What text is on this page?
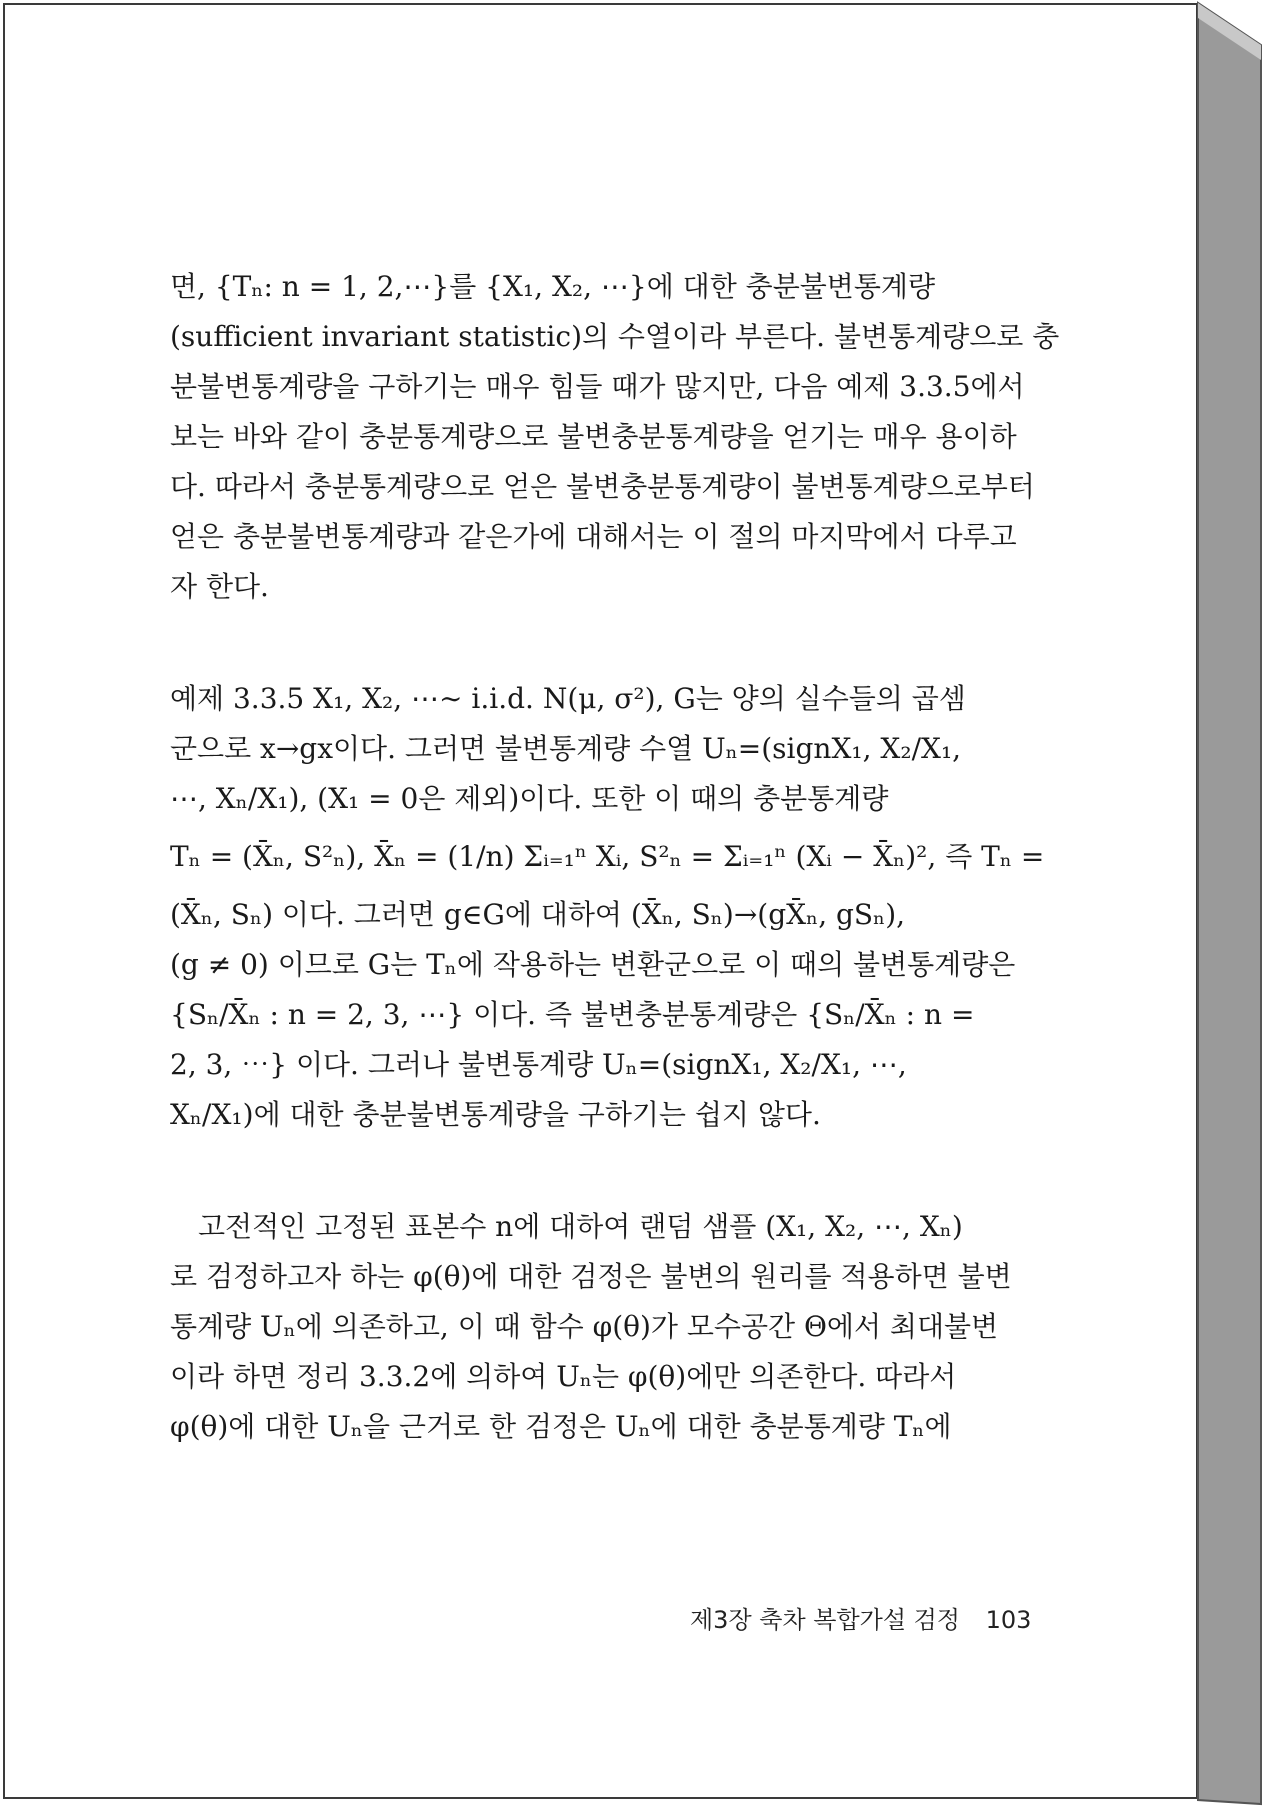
면, {Tₙ: n = 1, 2,⋯}를 {X₁, X₂, ⋯}에 대한 충분불변통계량
(sufficient invariant statistic)의 수열이라 부른다. 불변통계량으로 충
분불변통계량을 구하기는 매우 힘들 때가 많지만, 다음 예제 3.3.5에서
보는 바와 같이 충분통계량으로 불변충분통계량을 얻기는 매우 용이하
다. 따라서 충분통계량으로 얻은 불변충분통계량이 불변통계량으로부터
얻은 충분불변통계량과 같은가에 대해서는 이 절의 마지막에서 다루고
자 한다.
예제 3.3.5 X₁, X₂, ⋯∼ i.i.d. N(μ, σ²), G는 양의 실수들의 곱셈
군으로 x→gx이다. 그러면 불변통계량 수열 Uₙ=(signX₁, X₂/X₁,
⋯, Xₙ/X₁), (X₁ = 0은 제외)이다. 또한 이 때의 충분통계량
Tₙ = (X̄ₙ, S²ₙ), X̄ₙ = (1/n) Σᵢ₌₁ⁿ Xᵢ, S²ₙ = Σᵢ₌₁ⁿ (Xᵢ − X̄ₙ)², 즉 Tₙ =
(X̄ₙ, Sₙ) 이다. 그러면 g∈G에 대하여 (X̄ₙ, Sₙ)→(gX̄ₙ, gSₙ),
(g ≠ 0) 이므로 G는 Tₙ에 작용하는 변환군으로 이 때의 불변통계량은
{Sₙ/X̄ₙ : n = 2, 3, ⋯} 이다. 즉 불변충분통계량은 {Sₙ/X̄ₙ : n =
2, 3, ⋯} 이다. 그러나 불변통계량 Uₙ=(signX₁, X₂/X₁, ⋯,
Xₙ/X₁)에 대한 충분불변통계량을 구하기는 쉽지 않다.
고전적인 고정된 표본수 n에 대하여 랜덤 샘플 (X₁, X₂, ⋯, Xₙ)
로 검정하고자 하는 φ(θ)에 대한 검정은 불변의 원리를 적용하면 불변
통계량 Uₙ에 의존하고, 이 때 함수 φ(θ)가 모수공간 Θ에서 최대불변
이라 하면 정리 3.3.2에 의하여 Uₙ는 φ(θ)에만 의존한다. 따라서
φ(θ)에 대한 Uₙ을 근거로 한 검정은 Uₙ에 대한 충분통계량 Tₙ에
제3장 축차 복합가설 검정 103
